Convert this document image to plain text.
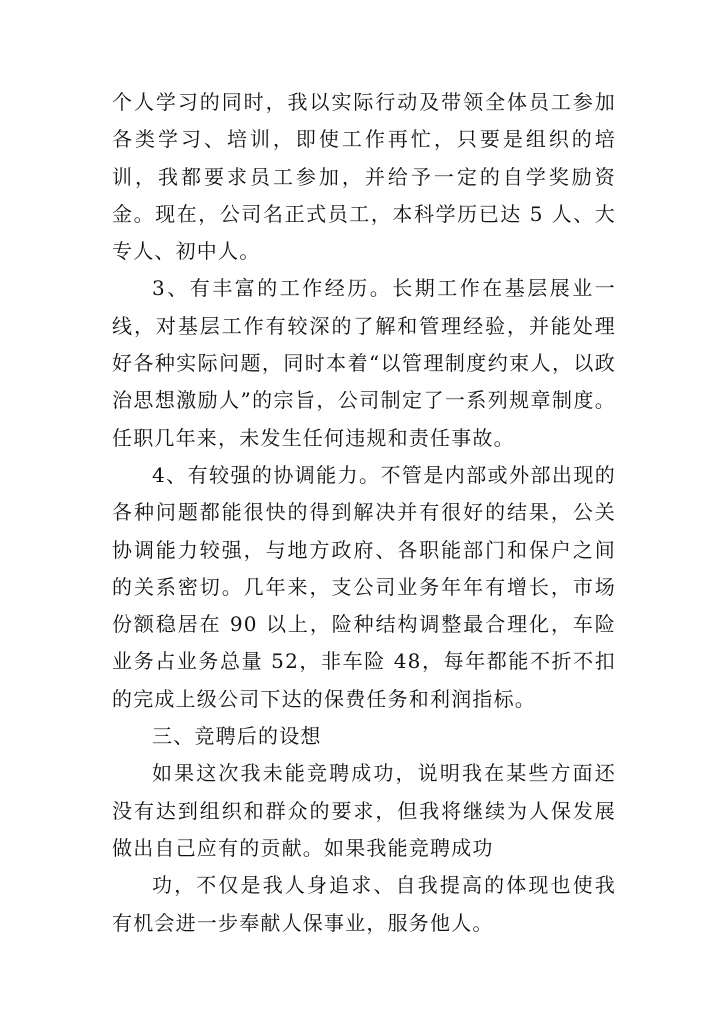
个人学习的同时，我以实际行动及带领全体员工参加各类学习、培训，即使工作再忙，只要是组织的培训，我都要求员工参加，并给予一定的自学奖励资金。现在，公司名正式员工，本科学历已达 5 人、大专人、初中人。

3、有丰富的工作经历。长期工作在基层展业一线，对基层工作有较深的了解和管理经验，并能处理好各种实际问题，同时本着“以管理制度约束人，以政治思想激励人”的宗旨，公司制定了一系列规章制度。任职几年来，未发生任何违规和责任事故。

4、有较强的协调能力。不管是内部或外部出现的各种问题都能很快的得到解决并有很好的结果，公关协调能力较强，与地方政府、各职能部门和保户之间的关系密切。几年来，支公司业务年年有增长，市场份额稳居在 90 以上，险种结构调整最合理化，车险业务占业务总量 52，非车险 48，每年都能不折不扣的完成上级公司下达的保费任务和利润指标。

三、竞聘后的设想

如果这次我未能竞聘成功，说明我在某些方面还没有达到组织和群众的要求，但我将继续为人保发展做出自己应有的贡献。如果我能竞聘成功

功，不仅是我人身追求、自我提高的体现也使我有机会进一步奉献人保事业，服务他人。
